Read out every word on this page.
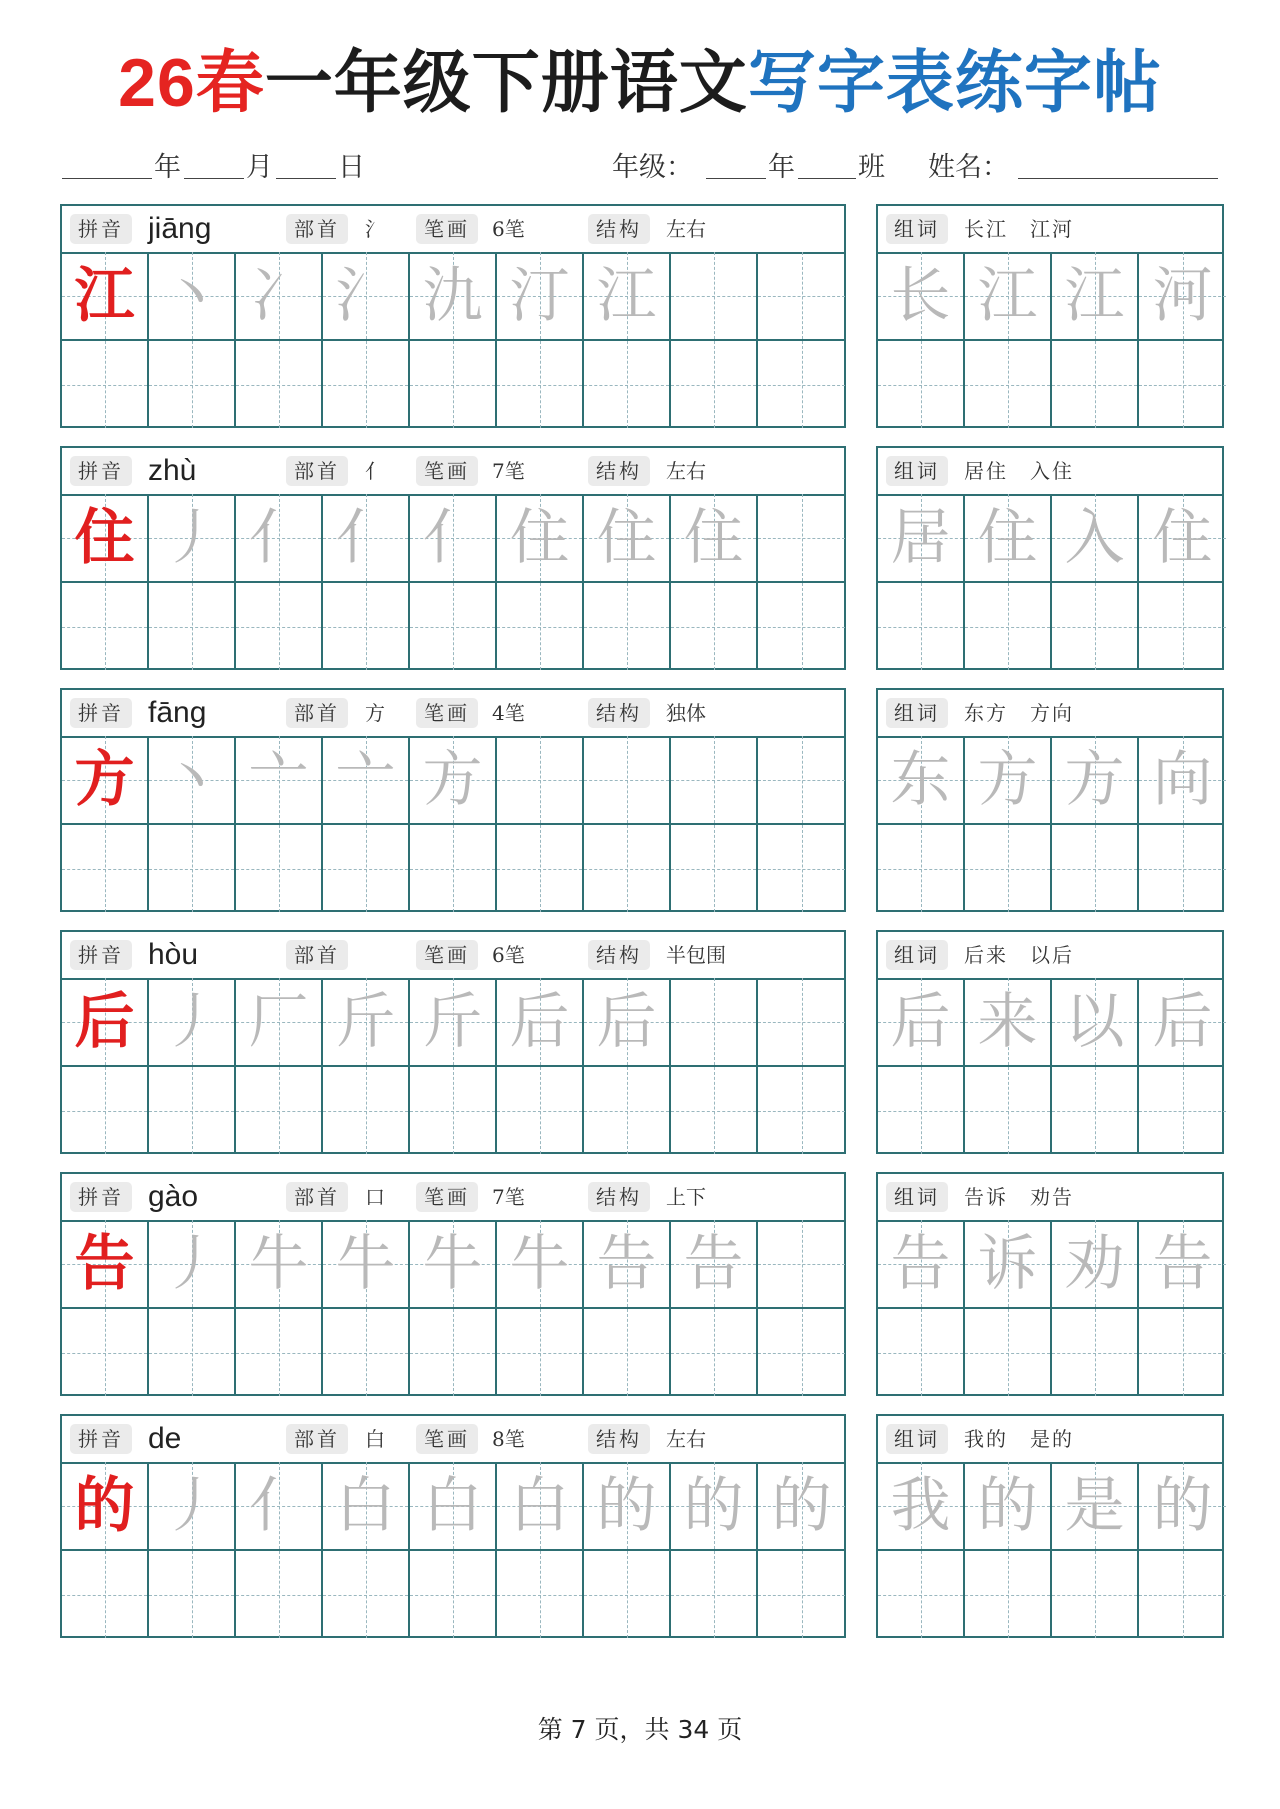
26春一年级下册语文写字表练字帖
年 月 日	年级：	年 班 姓名：
拼音 jiāng	部首	氵	笔画	6笔	结构	左右
江 丶 冫 氵 氿 汀 江
组词	长江　江河
长 江 江 河
拼音 zhù	部首	亻	笔画	7笔	结构	左右
住 丿 亻 亻 亻 住 住 住
组词	居住　入住
居 住 入 住
拼音 fāng	部首	方	笔画	4笔	结构	独体
方 丶 亠 亠 方
组词	东方　方向
东 方 方 向
拼音 hòu	部首	笔画	6笔	结构	半包围
后 丿 厂 斤 斤 后 后
组词	后来　以后
后 来 以 后
拼音 gào	部首	口	笔画	7笔	结构	上下
告 丿 牛 牛 牛 牛 告 告
组词	告诉　劝告
告 诉 劝 告
拼音 de	部首	白	笔画	8笔	结构	左右
的 丿 亻 白 白 白 的 的 的
组词	我的　是的
我 的 是 的
第 7 页，共 34 页
